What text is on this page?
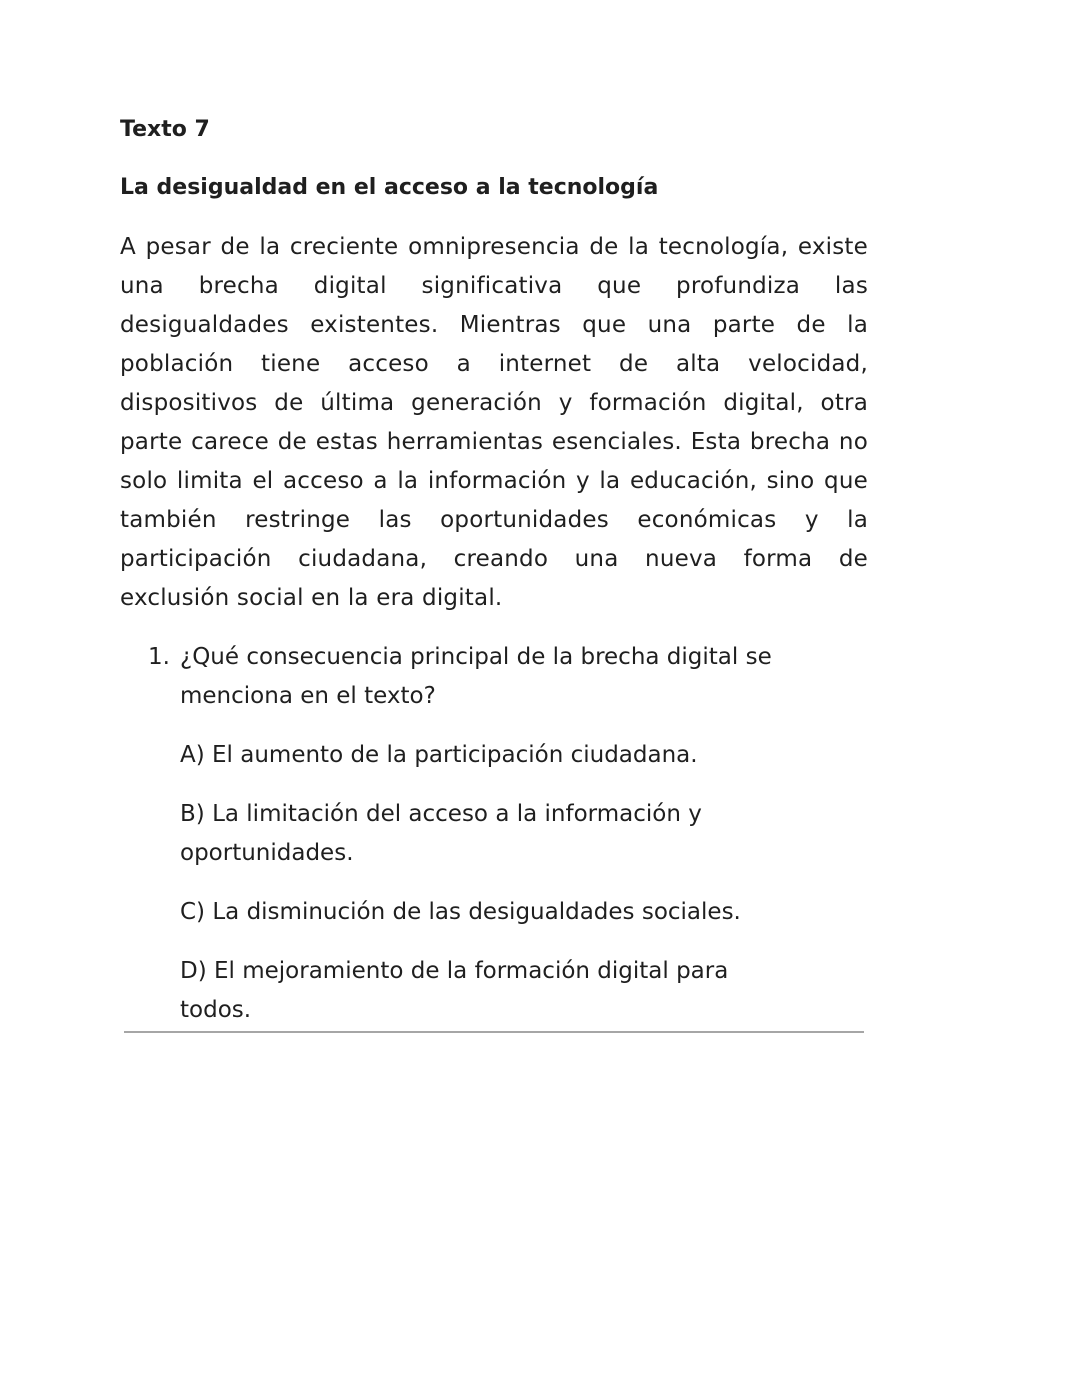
Texto 7
La desigualdad en el acceso a la tecnología

A pesar de la creciente omnipresencia de la tecnología, existe una brecha digital significativa que profundiza las desigualdades existentes. Mientras que una parte de la población tiene acceso a internet de alta velocidad, dispositivos de última generación y formación digital, otra parte carece de estas herramientas esenciales. Esta brecha no solo limita el acceso a la información y la educación, sino que también restringe las oportunidades económicas y la participación ciudadana, creando una nueva forma de exclusión social en la era digital.

1. ¿Qué consecuencia principal de la brecha digital se menciona en el texto?
A) El aumento de la participación ciudadana.
B) La limitación del acceso a la información y oportunidades.
C) La disminución de las desigualdades sociales.
D) El mejoramiento de la formación digital para todos.
